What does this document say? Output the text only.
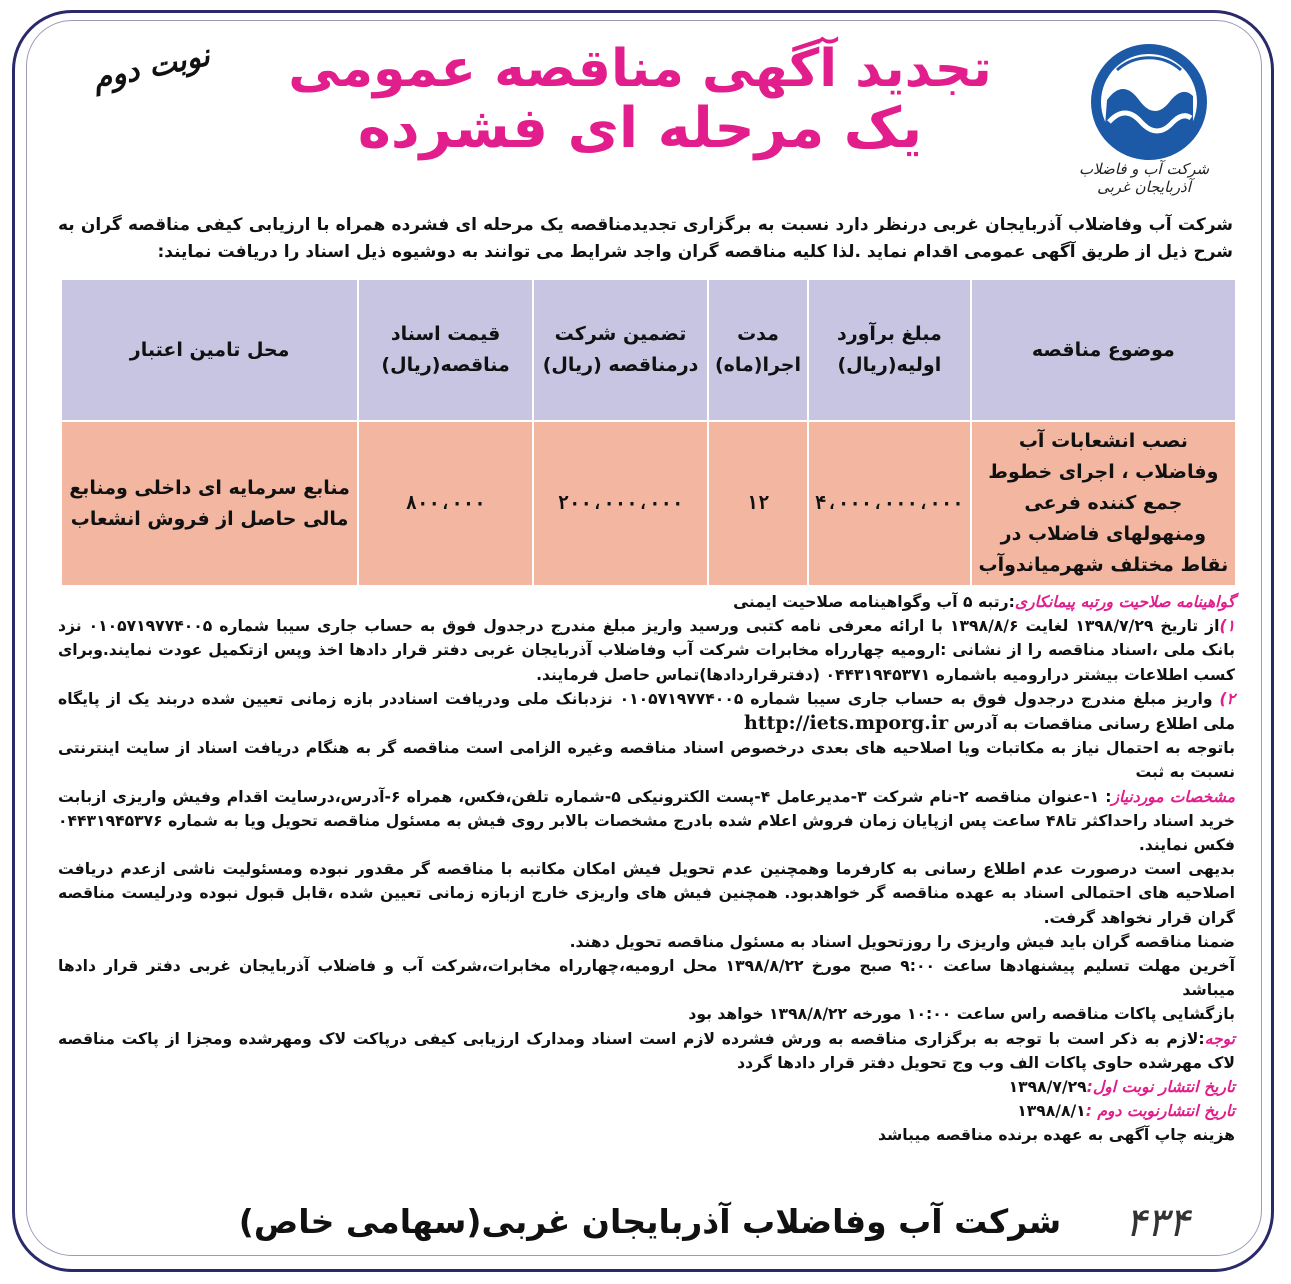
شرکت آب و فاضلاب آذربایجان غربی
تجدید آگهی مناقصه عمومی
یک مرحله ای فشرده
نوبت دوم
شرکت آب وفاضلاب آذربایجان غربی درنظر دارد نسبت به برگزاری تجدیدمناقصه یک مرحله ای فشرده همراه با ارزیابی کیفی مناقصه گران به شرح ذیل از طریق آگهی عمومی اقدام نماید .لذا کلیه مناقصه گران واجد شرایط می توانند به دوشیوه ذیل اسناد را دریافت نمایند:
موضوع مناقصه	مبلغ برآورد اولیه(ریال)	مدت اجرا(ماه)	تضمین شرکت درمناقصه (ریال)	قیمت اسناد مناقصه(ریال)	محل تامین اعتبار
نصب انشعابات آب وفاضلاب ، اجرای خطوط جمع کننده فرعی ومنهولهای فاضلاب در نقاط مختلف شهرمیاندوآب	۴،۰۰۰،۰۰۰،۰۰۰	۱۲	۲۰۰،۰۰۰،۰۰۰	۸۰۰،۰۰۰	منابع سرمایه ای داخلی ومنابع مالی حاصل از فروش انشعاب

گواهینامه صلاحیت ورتبه پیمانکاری:رتبه ۵ آب وگواهینامه صلاحیت ایمنی

۱)از تاریخ ۱۳۹۸/۷/۲۹ لغایت ۱۳۹۸/۸/۶ با ارائه معرفی نامه کتبی ورسید واریز مبلغ مندرج درجدول فوق به حساب جاری سیبا شماره ۰۱۰۵۷۱۹۷۷۴۰۰۵ نزد بانک ملی ،اسناد مناقصه را از نشانی :ارومیه چهارراه مخابرات شرکت آب وفاضلاب آذربایجان غربی دفتر قرار دادها اخذ وپس ازتکمیل عودت نمایند.وبرای کسب اطلاعات بیشتر درارومیه باشماره ۰۴۴۳۱۹۴۵۳۷۱ (دفترقراردادها)تماس حاصل فرمایند.

۲) واریز مبلغ مندرج درجدول فوق به حساب جاری سیبا شماره ۰۱۰۵۷۱۹۷۷۴۰۰۵ نزدبانک ملی ودریافت اسناددر بازه زمانی تعیین شده دربند یک از پایگاه ملی اطلاع رسانی مناقصات به آدرس http://iets.mporg.ir

باتوجه به احتمال نیاز به مکاتبات ویا اصلاحیه های بعدی درخصوص اسناد مناقصه وغیره الزامی است مناقصه گر به هنگام دریافت اسناد از سایت اینترنتی نسبت به ثبت

مشخصات موردنیاز: ۱-عنوان مناقصه ۲-نام شرکت ۳-مدیرعامل ۴-پست الکترونیکی ۵-شماره تلفن،فکس، همراه ۶-آدرس،درسایت اقدام وفیش واریزی ازبابت خرید اسناد راحداکثر تا۴۸ ساعت پس ازپایان زمان فروش اعلام شده بادرج مشخصات بالابر روی فیش به مسئول مناقصه تحویل ویا به شماره ۰۴۴۳۱۹۴۵۳۷۶ فکس نمایند.

بدیهی است درصورت عدم اطلاع رسانی به کارفرما وهمچنین عدم تحویل فیش امکان مکاتبه با مناقصه گر مقدور نبوده ومسئولیت ناشی ازعدم دریافت اصلاحیه های احتمالی اسناد به عهده مناقصه گر خواهدبود. همچنین فیش های واریزی خارج ازبازه زمانی تعیین شده ،قابل قبول نبوده ودرلیست مناقصه گران قرار نخواهد گرفت.

ضمنا مناقصه گران باید فیش واریزی را روزتحویل اسناد به مسئول مناقصه تحویل دهند.

آخرین مهلت تسلیم پیشنهادها ساعت ۹:۰۰ صبح مورخ ۱۳۹۸/۸/۲۲ محل ارومیه،چهارراه مخابرات،شرکت آب و فاضلاب آذربایجان غربی دفتر قرار دادها میباشد

بازگشایی پاکات مناقصه راس ساعت ۱۰:۰۰ مورخه ۱۳۹۸/۸/۲۲ خواهد بود

توجه:لازم به ذکر است با توجه به برگزاری مناقصه به ورش فشرده لازم است اسناد ومدارک ارزیابی کیفی درپاکت لاک ومهرشده ومجزا از پاکت مناقصه لاک مهرشده حاوی پاکات الف وب وج تحویل دفتر قرار دادها گردد

تاریخ انتشار نوبت اول:۱۳۹۸/۷/۲۹

تاریخ انتشارنوبت دوم :۱۳۹۸/۸/۱

هزینه چاپ آگهی به عهده برنده مناقصه میباشد

شرکت آب وفاضلاب آذربایجان غربی(سهامی خاص)	۴۳۴
